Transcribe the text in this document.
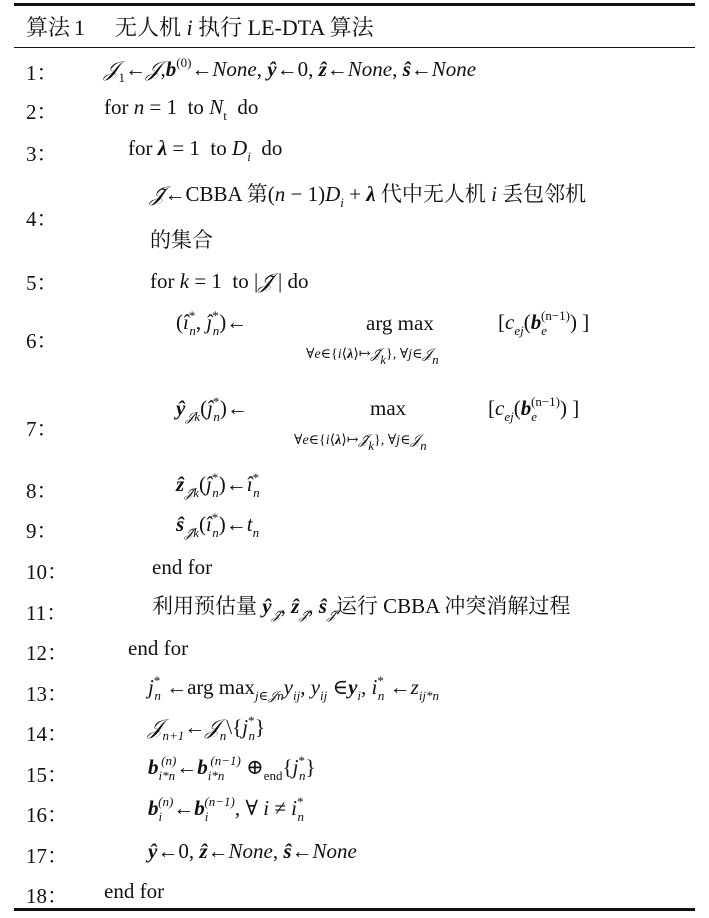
算法 1 无人机 i 执行 LE-DTA 算法
1：
2：
3：
4：
5：
6：
7：
8：
9：
10：
11：
12：
13：
14：
15：
16：
17：
18：
$𝒥_1\leftarrow 𝒥,b^{(0)}\leftarrow None$, ŷ←0, ẑ←None, ŝ←None
for n = 1  to $N_t$ do
for λ = 1  to $D_i$ do
𝒥̃←CBBA 第$(n - 1)D_i + \lambda$ 代中无人机 i 丢包邻机
的集合
for k = 1  to |𝒥̃ | do
($î^*_n$, $ĵ^*_n)\leftarrow$	arg max	[$c_{ej}(b_e^{(n-1)})$ ]
∀e∈{i⟨λ⟩↦𝒥̃k}, ∀j∈𝒥n
$ŷ_{𝒥k}(ĵ^*_n)\leftarrow$	max	[$c_{ej}(b_e^{(n-1)})$ ]
∀e∈{i⟨λ⟩↦𝒥̃k}, ∀j∈𝒥n
$ẑ_{𝒥̃k}(ĵ^*_n)\leftarrow î^*_n$
$ŝ_{𝒥̃k}(î^*_n)\leftarrow t_n$
end for
利用预估量 $ŷ_{𝒥̃}$, ẑ$_{𝒥̃}$, $ŝ_{𝒥̃}$运行 CBBA 冲突消解过程
end for
$j^*_n$ ←arg $\max_{j\in 𝒥n}y_{ij}$, $y_{ij}$ $\in y_i$, $i^*_n$ $\leftarrow z_{ij*n}$
$𝒥_{n+1}\leftarrow 𝒥_n\backslash\{j^*_n\}$
$b_{i*n}^{(n)}\leftarrow b_{i*n}^{(n-1)}$ $\oplus_{end}\{j^*_n\}$
$b_i^{(n)}\leftarrow b_i^{(n-1)}$, ∀ $i \ne i^*_n$
ŷ←0, ẑ←None, ŝ←None
end for
